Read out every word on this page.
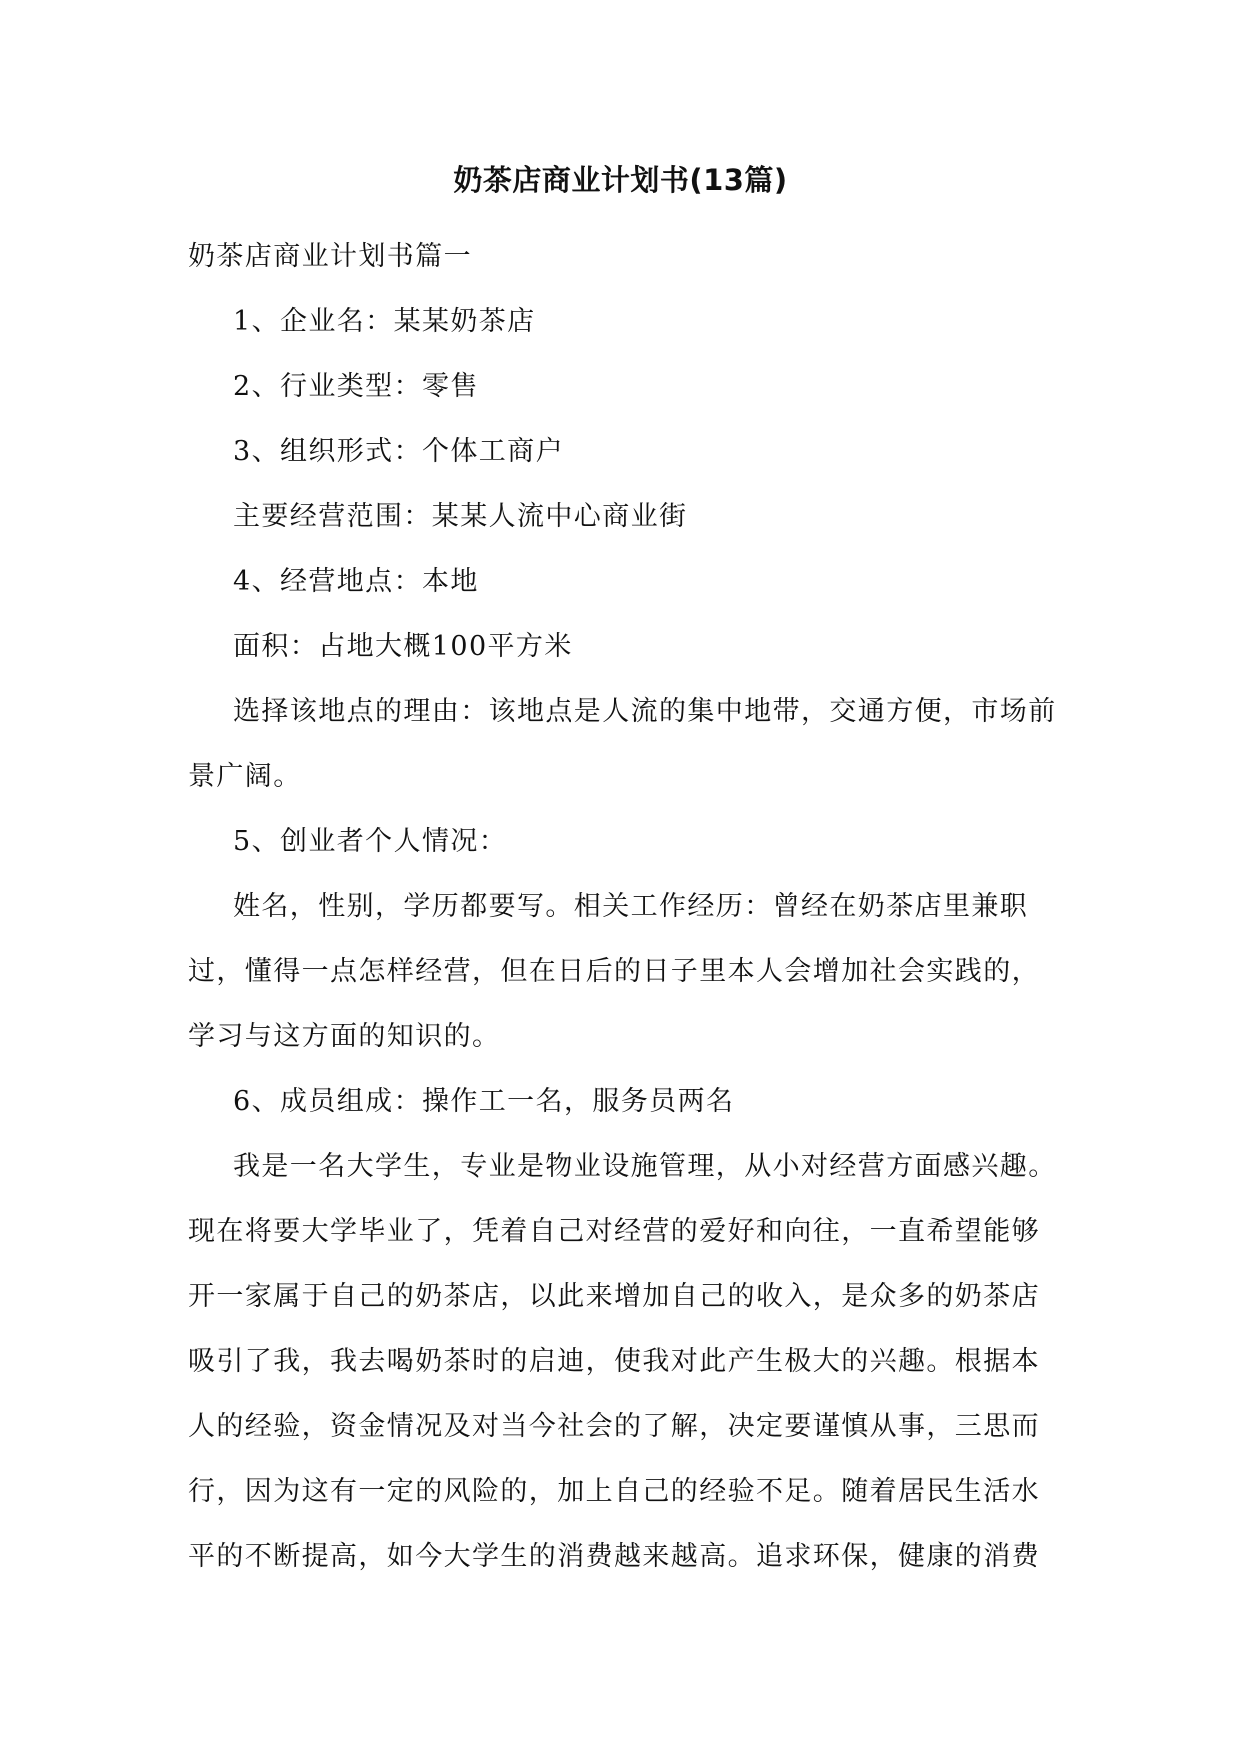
奶茶店商业计划书(13篇)

奶茶店商业计划书篇一

1、企业名：某某奶茶店

2、行业类型：零售

3、组织形式：个体工商户

主要经营范围：某某人流中心商业街

4、经营地点：本地

面积：占地大概100平方米

选择该地点的理由：该地点是人流的集中地带，交通方便，市场前景广阔。

5、创业者个人情况：

姓名，性别，学历都要写。相关工作经历：曾经在奶茶店里兼职过，懂得一点怎样经营，但在日后的日子里本人会增加社会实践的，学习与这方面的知识的。

6、成员组成：操作工一名，服务员两名

我是一名大学生，专业是物业设施管理，从小对经营方面感兴趣。现在将要大学毕业了，凭着自己对经营的爱好和向往，一直希望能够开一家属于自己的奶茶店，以此来增加自己的收入，是众多的奶茶店吸引了我，我去喝奶茶时的启迪，使我对此产生极大的兴趣。根据本人的经验，资金情况及对当今社会的了解，决定要谨慎从事，三思而行，因为这有一定的风险的，加上自己的经验不足。随着居民生活水平的不断提高，如今大学生的消费越来越高。追求环保，健康的消费
